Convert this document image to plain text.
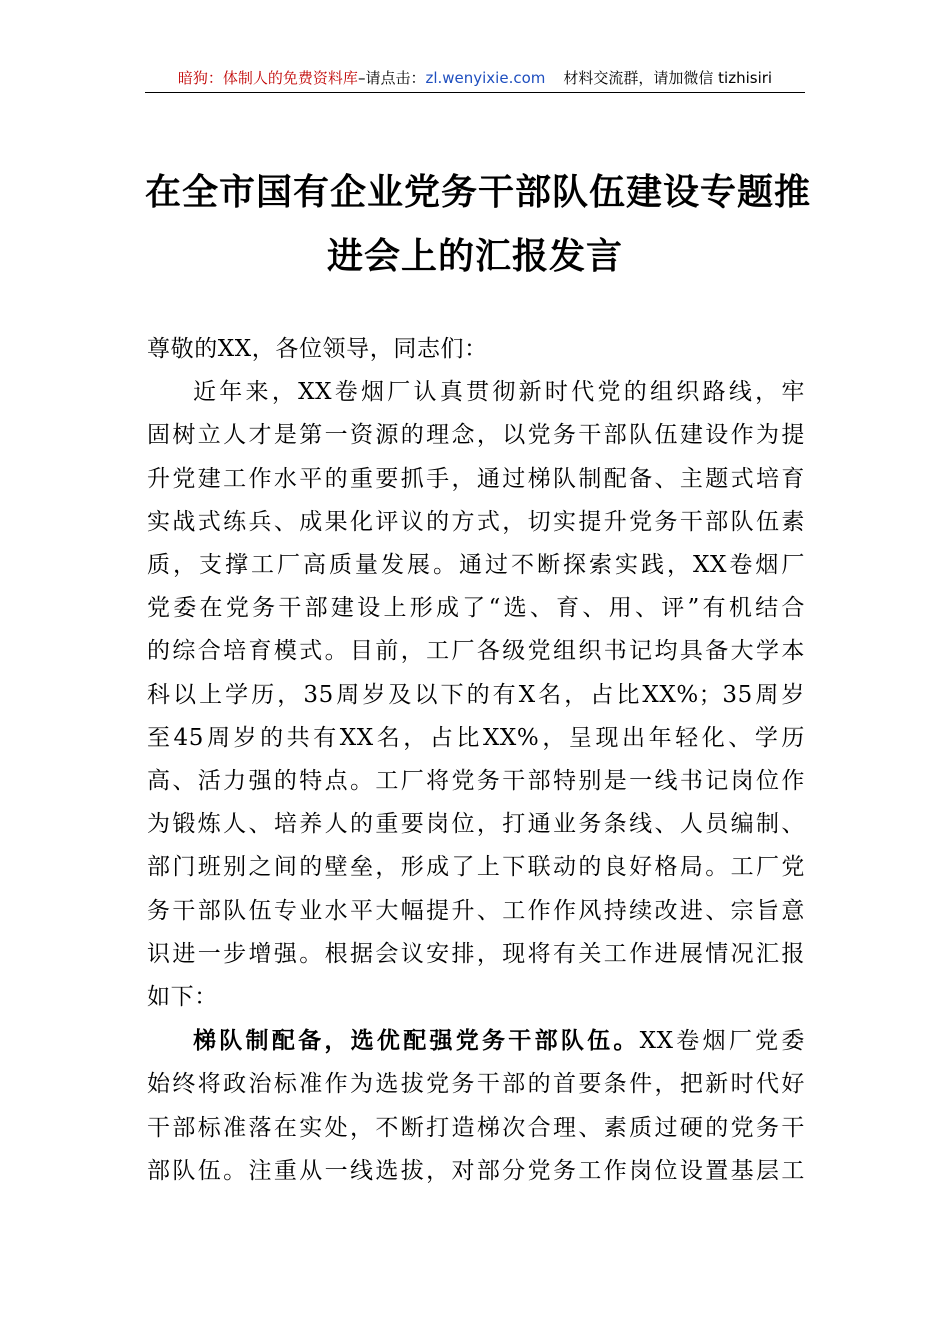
暗狗：体制人的免费资料库–请点击：zl.wenyixie.com 材料交流群，请加微信 tizhisiri
在全市国有企业党务干部队伍建设专题推
进会上的汇报发言

尊敬的XX，各位领导，同志们：

近年来，XX卷烟厂认真贯彻新时代党的组织路线，牢
固树立人才是第一资源的理念，以党务干部队伍建设作为提
升党建工作水平的重要抓手，通过梯队制配备、主题式培育
实战式练兵、成果化评议的方式，切实提升党务干部队伍素
质，支撑工厂高质量发展。通过不断探索实践，XX卷烟厂
党委在党务干部建设上形成了“选、育、用、评”有机结合
的综合培育模式。目前，工厂各级党组织书记均具备大学本
科以上学历，35周岁及以下的有X名，占比XX%；35周岁
至45周岁的共有XX名，占比XX%，呈现出年轻化、学历
高、活力强的特点。工厂将党务干部特别是一线书记岗位作
为锻炼人、培养人的重要岗位，打通业务条线、人员编制、
部门班别之间的壁垒，形成了上下联动的良好格局。工厂党
务干部队伍专业水平大幅提升、工作作风持续改进、宗旨意
识进一步增强。根据会议安排，现将有关工作进展情况汇报
如下：
梯队制配备，选优配强党务干部队伍。XX卷烟厂党委
始终将政治标准作为选拔党务干部的首要条件，把新时代好
干部标准落在实处，不断打造梯次合理、素质过硬的党务干
部队伍。注重从一线选拔，对部分党务工作岗位设置基层工
